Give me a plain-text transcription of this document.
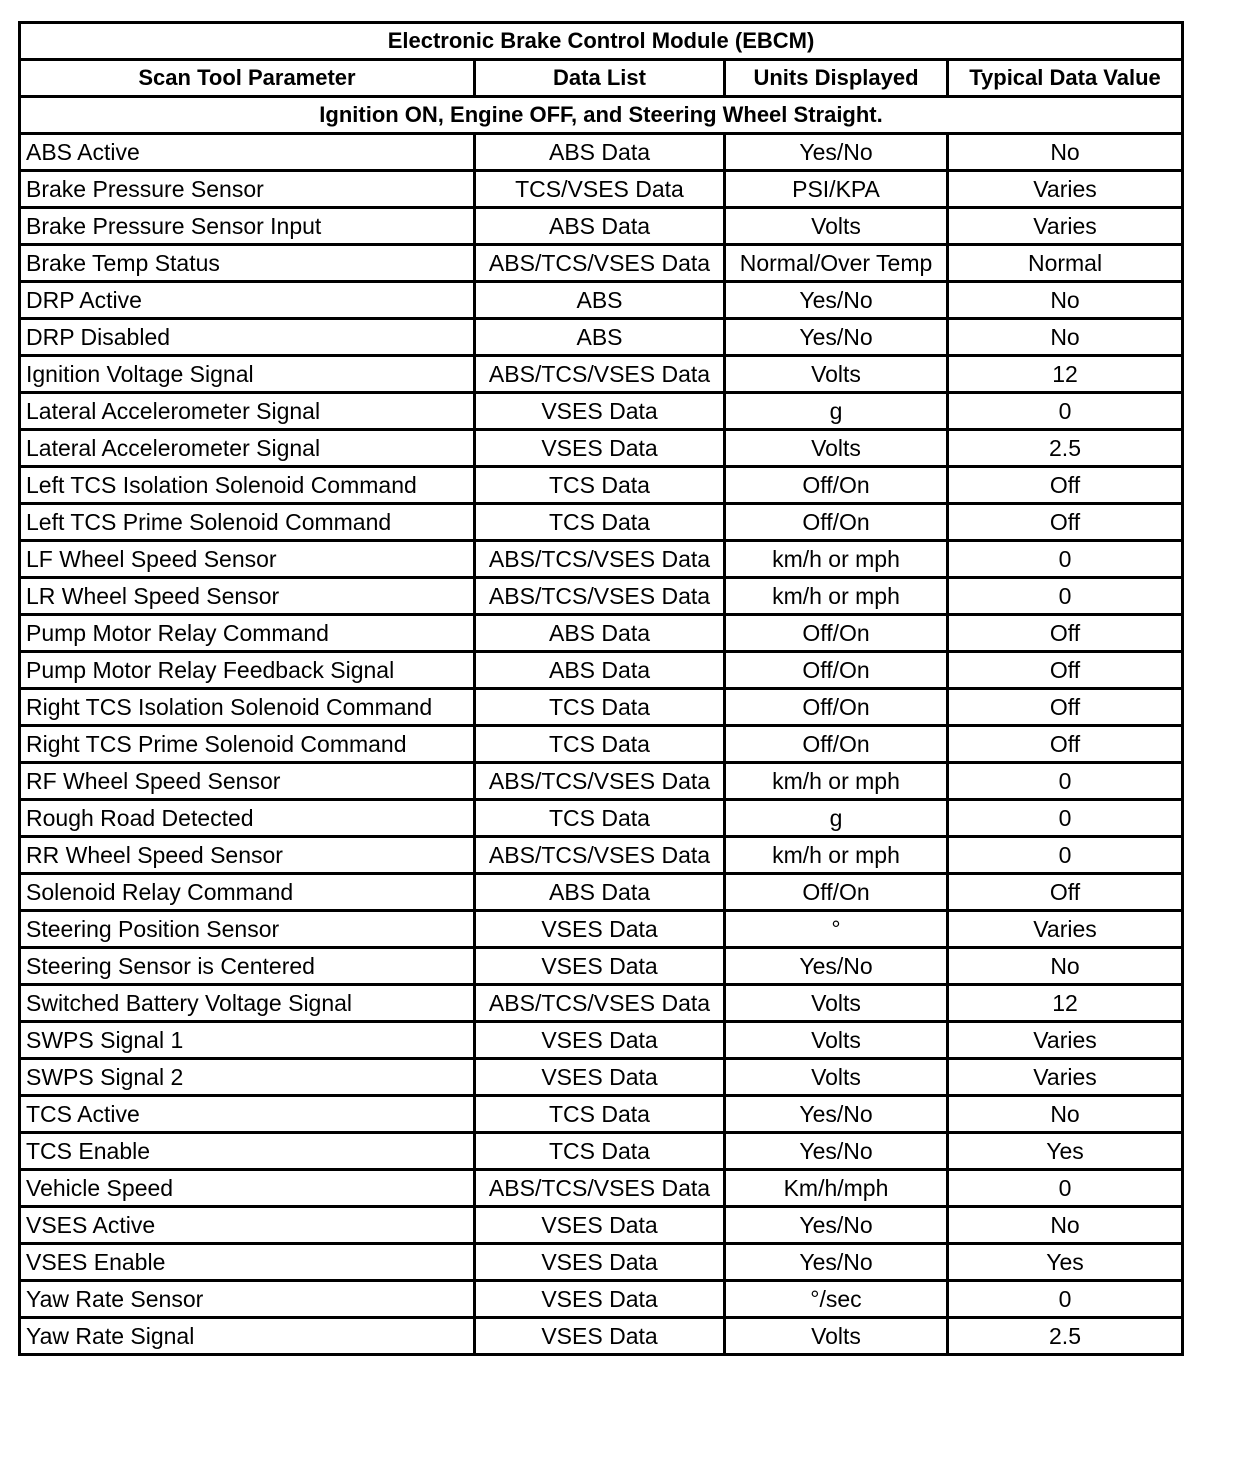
Electronic Brake Control Module (EBCM)			
Scan Tool Parameter	Data List	Units Displayed	Typical Data Value
Ignition ON, Engine OFF, and Steering Wheel Straight.			
ABS Active	ABS Data	Yes/No	No
Brake Pressure Sensor	TCS/VSES Data	PSI/KPA	Varies
Brake Pressure Sensor Input	ABS Data	Volts	Varies
Brake Temp Status	ABS/TCS/VSES Data	Normal/Over Temp	Normal
DRP Active	ABS	Yes/No	No
DRP Disabled	ABS	Yes/No	No
Ignition Voltage Signal	ABS/TCS/VSES Data	Volts	12
Lateral Accelerometer Signal	VSES Data	g	0
Lateral Accelerometer Signal	VSES Data	Volts	2.5
Left TCS Isolation Solenoid Command	TCS Data	Off/On	Off
Left TCS Prime Solenoid Command	TCS Data	Off/On	Off
LF Wheel Speed Sensor	ABS/TCS/VSES Data	km/h or mph	0
LR Wheel Speed Sensor	ABS/TCS/VSES Data	km/h or mph	0
Pump Motor Relay Command	ABS Data	Off/On	Off
Pump Motor Relay Feedback Signal	ABS Data	Off/On	Off
Right TCS Isolation Solenoid Command	TCS Data	Off/On	Off
Right TCS Prime Solenoid Command	TCS Data	Off/On	Off
RF Wheel Speed Sensor	ABS/TCS/VSES Data	km/h or mph	0
Rough Road Detected	TCS Data	g	0
RR Wheel Speed Sensor	ABS/TCS/VSES Data	km/h or mph	0
Solenoid Relay Command	ABS Data	Off/On	Off
Steering Position Sensor	VSES Data	°	Varies
Steering Sensor is Centered	VSES Data	Yes/No	No
Switched Battery Voltage Signal	ABS/TCS/VSES Data	Volts	12
SWPS Signal 1	VSES Data	Volts	Varies
SWPS Signal 2	VSES Data	Volts	Varies
TCS Active	TCS Data	Yes/No	No
TCS Enable	TCS Data	Yes/No	Yes
Vehicle Speed	ABS/TCS/VSES Data	Km/h/mph	0
VSES Active	VSES Data	Yes/No	No
VSES Enable	VSES Data	Yes/No	Yes
Yaw Rate Sensor	VSES Data	°/sec	0
Yaw Rate Signal	VSES Data	Volts	2.5
